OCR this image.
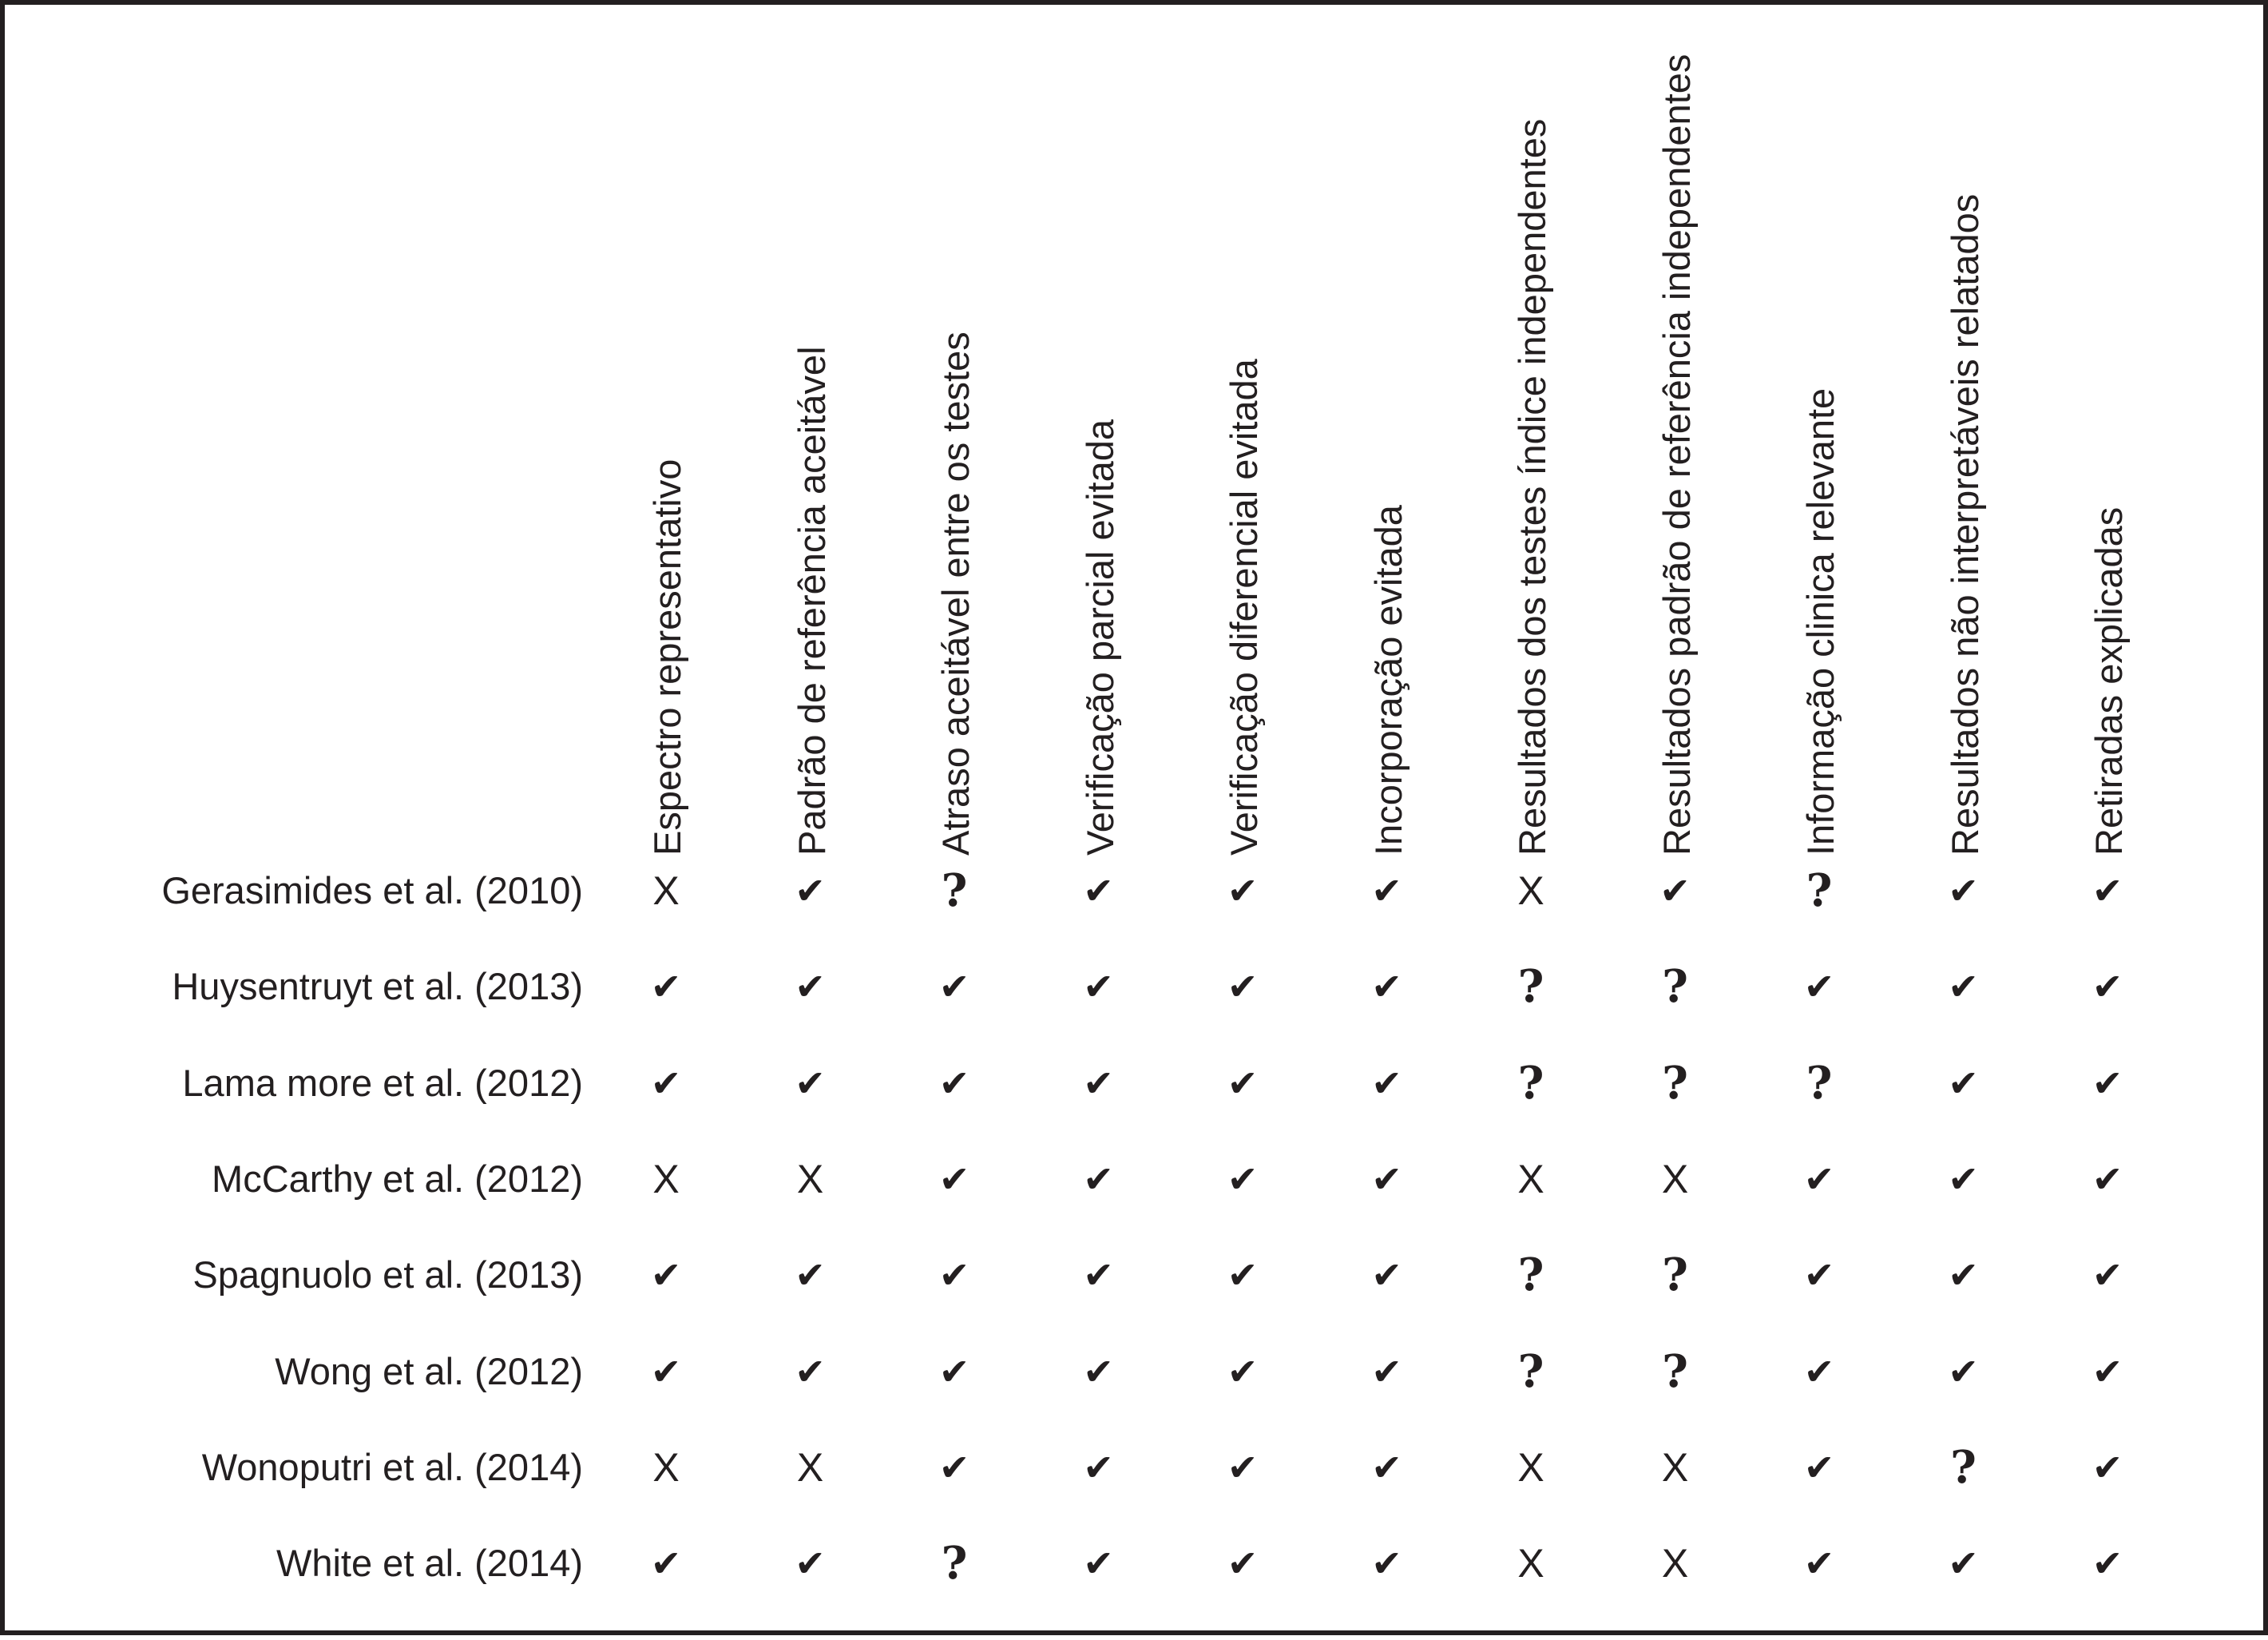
Espectro representativo	Padrão de referência aceitável	Atraso aceitável entre os testes	Verificação parcial evitada	Verificação diferencial evitada	Incorporação evitada	Resultados dos testes índice independentes	Resultados padrão de referência independentes	Informação clinica relevante	Resultados não interpretáveis relatados	Retiradas explicadas
Gerasimides et al. (2010)	X	✔	?	✔	✔	✔	X	✔	?	✔	✔
Huysentruyt et al. (2013)	✔	✔	✔	✔	✔	✔	?	?	✔	✔	✔
Lama more et al. (2012)	✔	✔	✔	✔	✔	✔	?	?	?	✔	✔
McCarthy et al. (2012)	X	X	✔	✔	✔	✔	X	X	✔	✔	✔
Spagnuolo et al. (2013)	✔	✔	✔	✔	✔	✔	?	?	✔	✔	✔
Wong et al. (2012)	✔	✔	✔	✔	✔	✔	?	?	✔	✔	✔
Wonoputri et al. (2014)	X	X	✔	✔	✔	✔	X	X	✔	?	✔
White et al. (2014)	✔	✔	?	✔	✔	✔	X	X	✔	✔	✔
